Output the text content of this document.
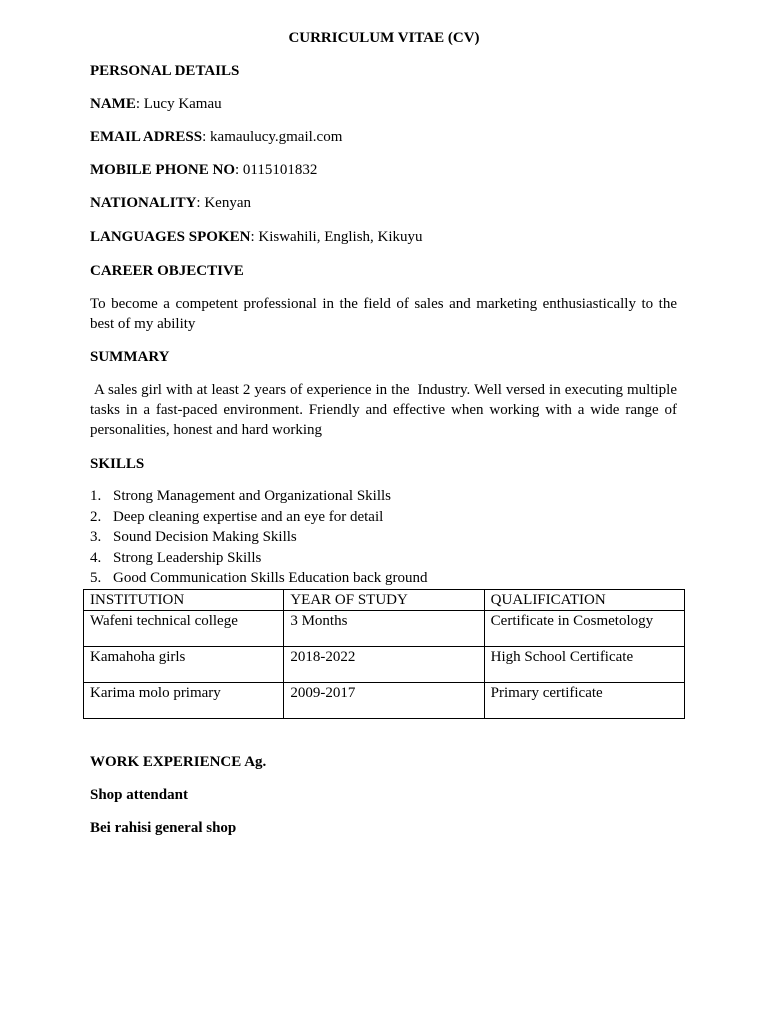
CURRICULUM VITAE (CV)
PERSONAL DETAILS
NAME: Lucy Kamau
EMAIL ADRESS: kamaulucy.gmail.com
MOBILE PHONE NO: 0115101832
NATIONALITY: Kenyan
LANGUAGES SPOKEN: Kiswahili, English, Kikuyu
CAREER OBJECTIVE
To become a competent professional in the field of sales and marketing enthusiastically to the best of my ability
SUMMARY
A sales girl with at least 2 years of experience in the  Industry. Well versed in executing multiple tasks in a fast-paced environment. Friendly and effective when working with a wide range of personalities, honest and hard working
SKILLS
1. Strong Management and Organizational Skills
2. Deep cleaning expertise and an eye for detail
3. Sound Decision Making Skills
4. Strong Leadership Skills
5. Good Communication Skills Education back ground
INSTITUTION	YEAR OF STUDY	QUALIFICATION
Wafeni technical college	3 Months	Certificate in Cosmetology
Kamahoha girls	2018-2022	High School Certificate
Karima molo primary	2009-2017	Primary certificate
WORK EXPERIENCE Ag.
Shop attendant
Bei rahisi general shop
